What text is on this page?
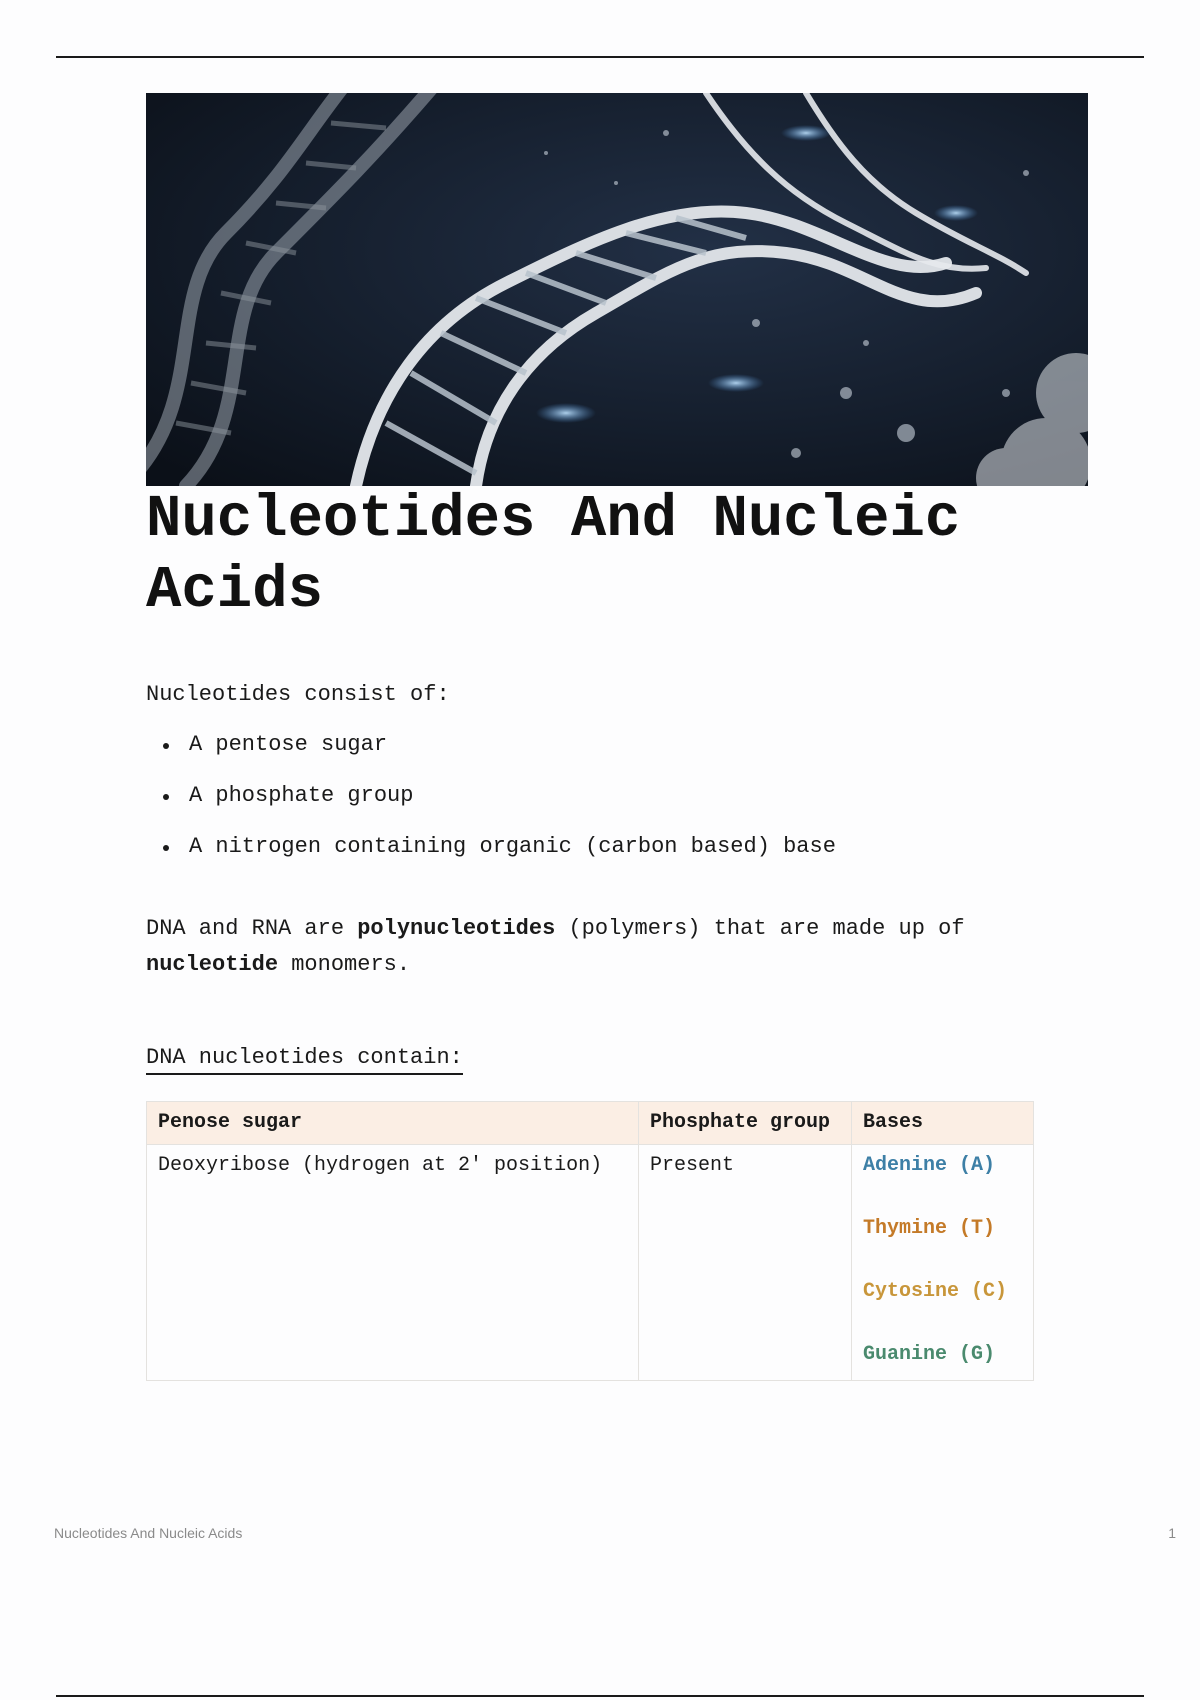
Nucleotides And Nucleic Acids

Nucleotides consist of:

A pentose sugar
A phosphate group
A nitrogen containing organic (carbon based) base

DNA and RNA are polynucleotides (polymers) that are made up of nucleotide monomers.

DNA nucleotides contain:

Penose sugar	Phosphate group	Bases
Deoxyribose (hydrogen at 2′ position)	Present	Adenine (A)
Thymine (T)
Cytosine (C)
Guanine (G)
Nucleotides And Nucleic Acids	1
